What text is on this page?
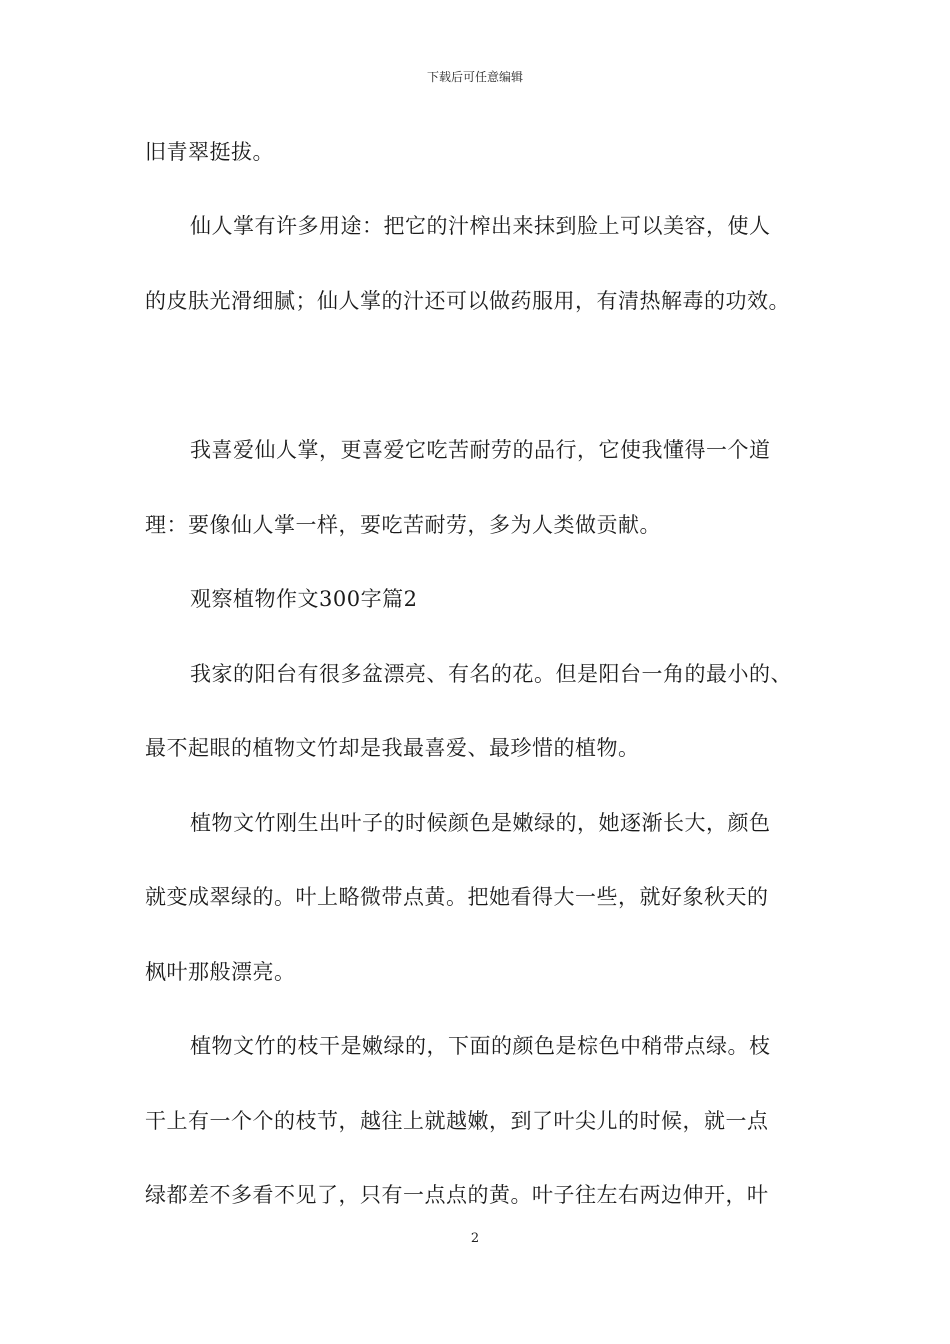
下载后可任意编辑
旧青翠挺拔。
仙人掌有许多用途：把它的汁榨出来抹到脸上可以美容，使人
的皮肤光滑细腻；仙人掌的汁还可以做药服用，有清热解毒的功效。
我喜爱仙人掌，更喜爱它吃苦耐劳的品行，它使我懂得一个道
理：要像仙人掌一样，要吃苦耐劳，多为人类做贡献。
观察植物作文300字篇2
我家的阳台有很多盆漂亮、有名的花。但是阳台一角的最小的、
最不起眼的植物文竹却是我最喜爱、最珍惜的植物。
植物文竹刚生出叶子的时候颜色是嫩绿的，她逐渐长大，颜色
就变成翠绿的。叶上略微带点黄。把她看得大一些，就好象秋天的
枫叶那般漂亮。
植物文竹的枝干是嫩绿的，下面的颜色是棕色中稍带点绿。枝
干上有一个个的枝节，越往上就越嫩，到了叶尖儿的时候，就一点
绿都差不多看不见了，只有一点点的黄。叶子往左右两边伸开，叶
2
